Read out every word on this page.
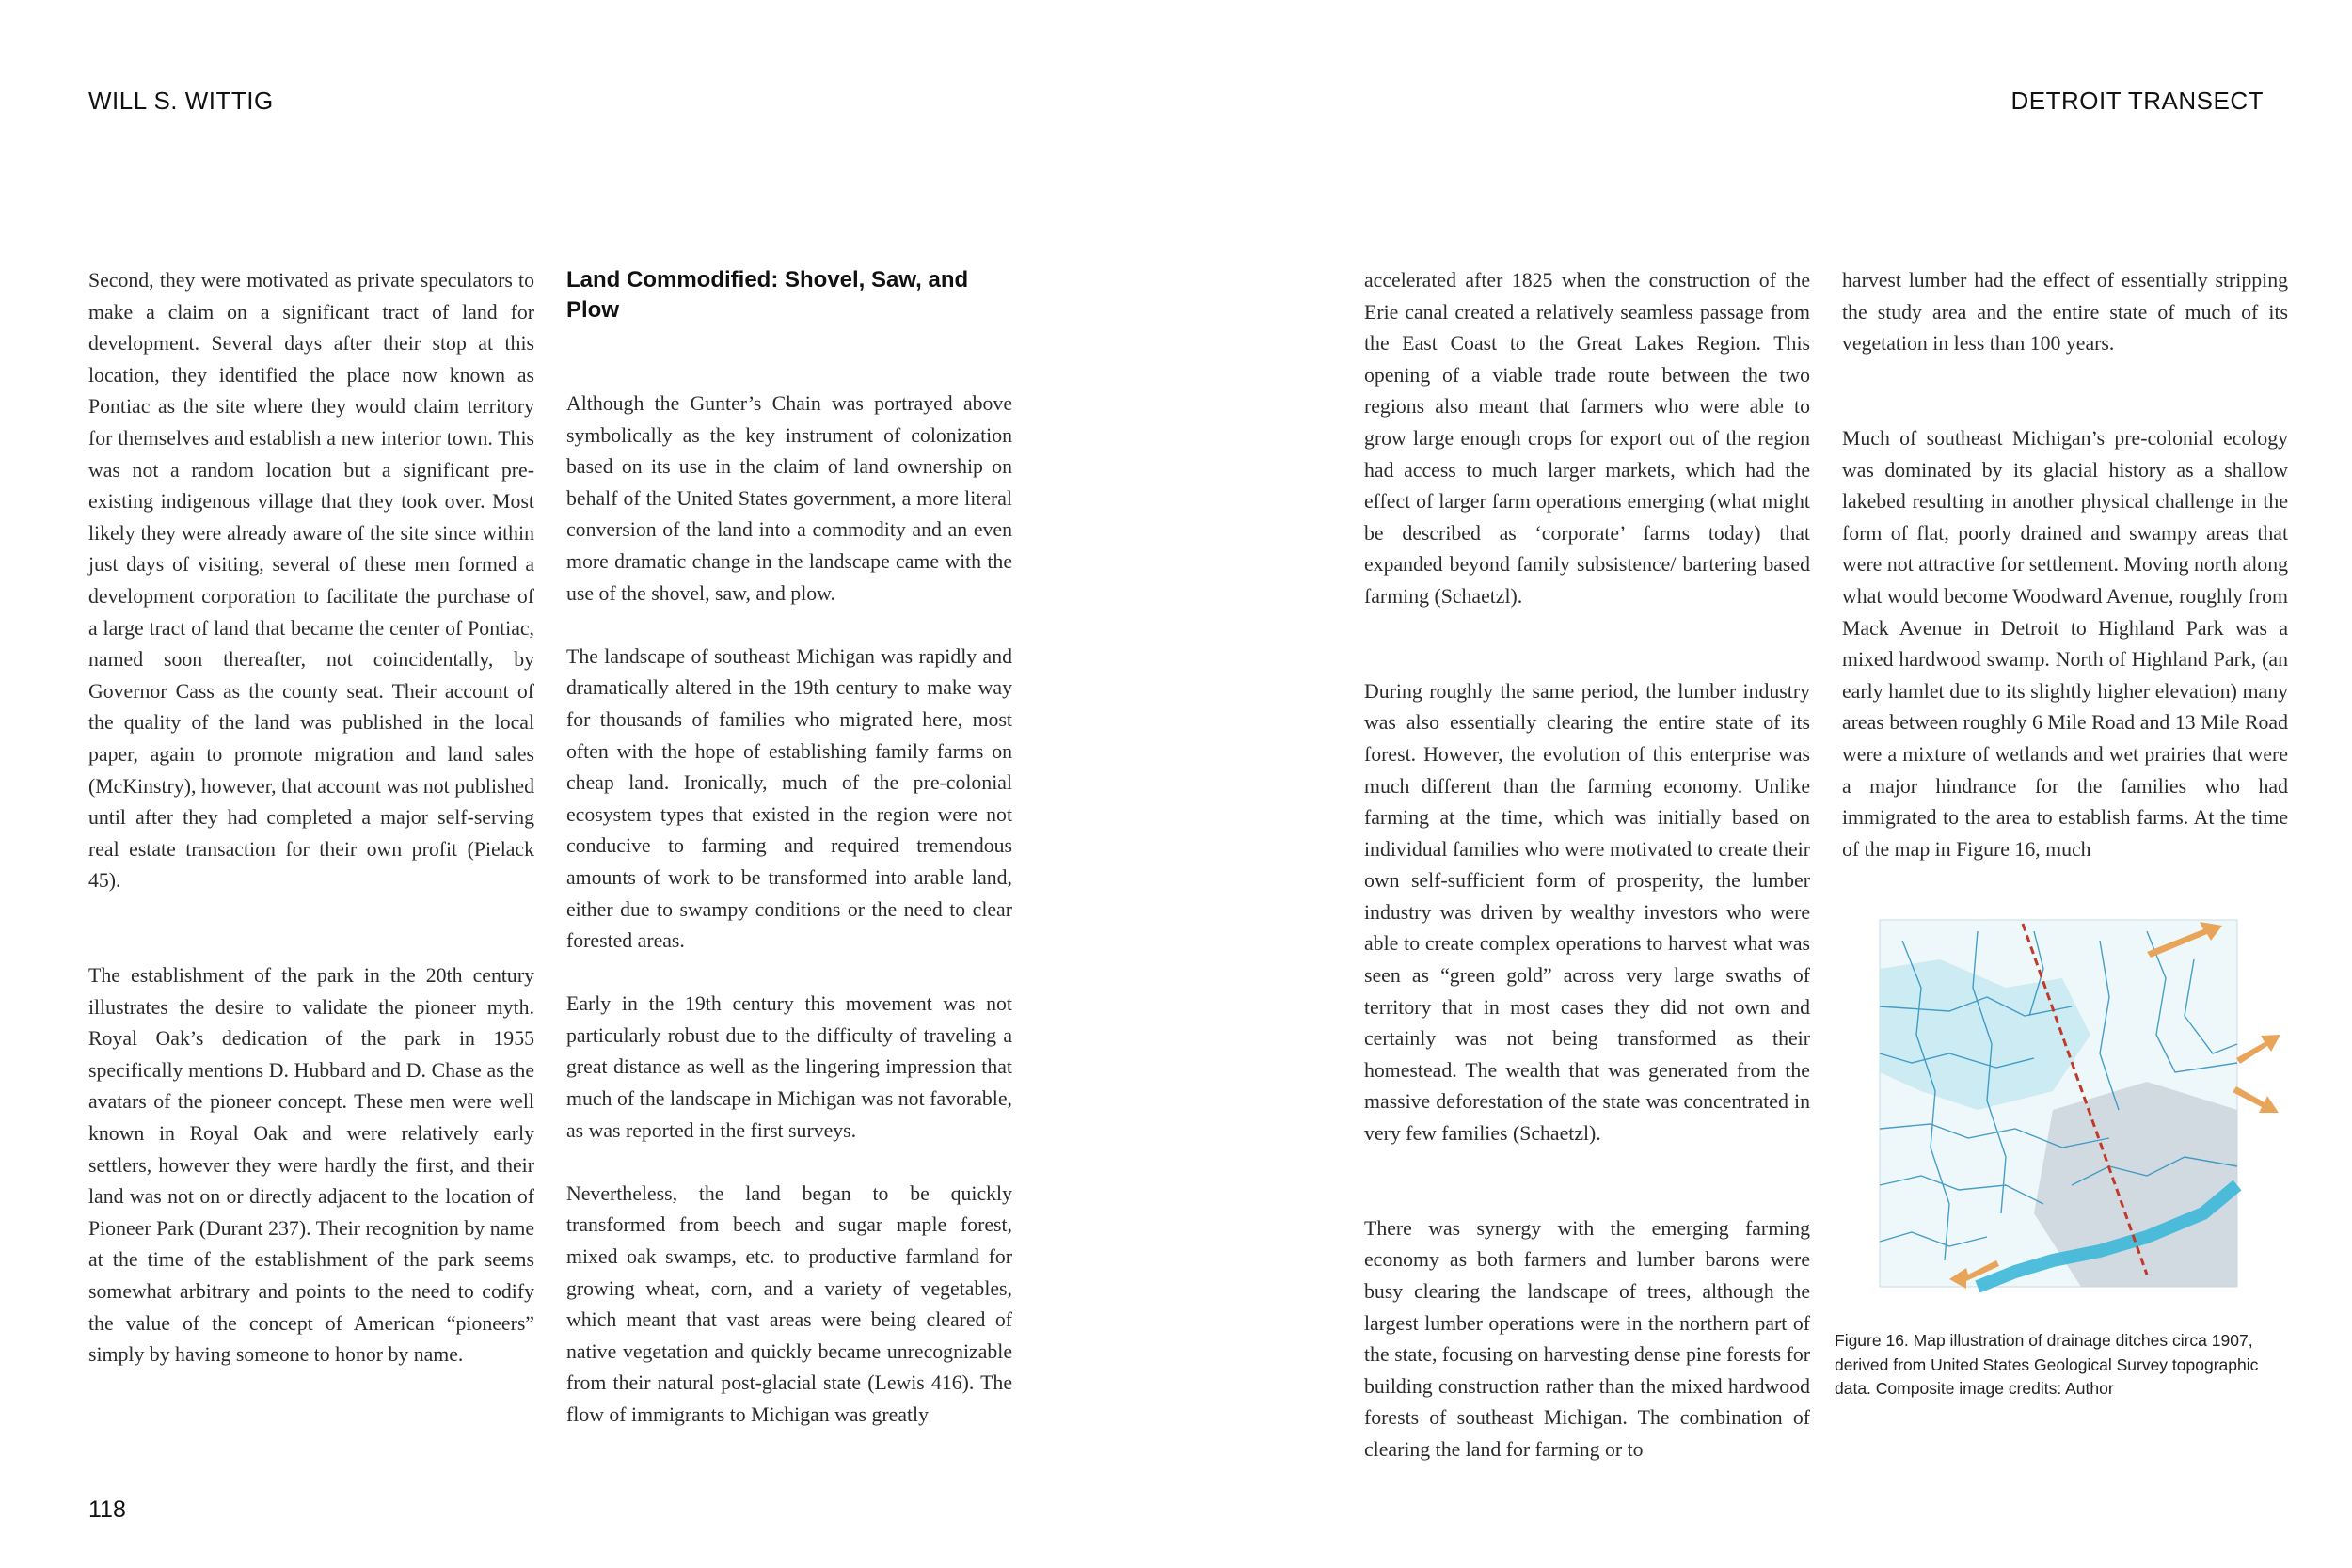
WILL S. WITTIG	DETROIT TRANSECT

Second, they were motivated as private speculators to make a claim on a significant tract of land for development. Several days after their stop at this location, they identified the place now known as Pontiac as the site where they would claim territory for themselves and establish a new interior town. This was not a random location but a significant pre-existing indigenous village that they took over. Most likely they were already aware of the site since within just days of visiting, several of these men formed a development corporation to facilitate the purchase of a large tract of land that became the center of Pontiac, named soon thereafter, not coincidentally, by Governor Cass as the county seat. Their account of the quality of the land was published in the local paper, again to promote migration and land sales (McKinstry), however, that account was not published until after they had completed a major self-serving real estate transaction for their own profit (Pielack 45).

The establishment of the park in the 20th century illustrates the desire to validate the pioneer myth. Royal Oak’s dedication of the park in 1955 specifically mentions D. Hubbard and D. Chase as the avatars of the pioneer concept. These men were well known in Royal Oak and were relatively early settlers, however they were hardly the first, and their land was not on or directly adjacent to the location of Pioneer Park (Durant 237). Their recognition by name at the time of the establishment of the park seems somewhat arbitrary and points to the need to codify the value of the concept of American “pioneers” simply by having someone to honor by name.

Land Commodified: Shovel, Saw, and Plow

Although the Gunter’s Chain was portrayed above symbolically as the key instrument of colonization based on its use in the claim of land ownership on behalf of the United States government, a more literal conversion of the land into a commodity and an even more dramatic change in the landscape came with the use of the shovel, saw, and plow.

The landscape of southeast Michigan was rapidly and dramatically altered in the 19th century to make way for thousands of families who migrated here, most often with the hope of establishing family farms on cheap land. Ironically, much of the pre-colonial ecosystem types that existed in the region were not conducive to farming and required tremendous amounts of work to be transformed into arable land, either due to swampy conditions or the need to clear forested areas.

Early in the 19th century this movement was not particularly robust due to the difficulty of traveling a great distance as well as the lingering impression that much of the landscape in Michigan was not favorable, as was reported in the first surveys.

Nevertheless, the land began to be quickly transformed from beech and sugar maple forest, mixed oak swamps, etc. to productive farmland for growing wheat, corn, and a variety of vegetables, which meant that vast areas were being cleared of native vegetation and quickly became unrecognizable from their natural post-glacial state (Lewis 416). The flow of immigrants to Michigan was greatly

accelerated after 1825 when the construction of the Erie canal created a relatively seamless passage from the East Coast to the Great Lakes Region. This opening of a viable trade route between the two regions also meant that farmers who were able to grow large enough crops for export out of the region had access to much larger markets, which had the effect of larger farm operations emerging (what might be described as ‘corporate’ farms today) that expanded beyond family subsistence/ bartering based farming (Schaetzl).

During roughly the same period, the lumber industry was also essentially clearing the entire state of its forest. However, the evolution of this enterprise was much different than the farming economy. Unlike farming at the time, which was initially based on individual families who were motivated to create their own self-sufficient form of prosperity, the lumber industry was driven by wealthy investors who were able to create complex operations to harvest what was seen as “green gold” across very large swaths of territory that in most cases they did not own and certainly was not being transformed as their homestead. The wealth that was generated from the massive deforestation of the state was concentrated in very few families (Schaetzl).

There was synergy with the emerging farming economy as both farmers and lumber barons were busy clearing the landscape of trees, although the largest lumber operations were in the northern part of the state, focusing on harvesting dense pine forests for building construction rather than the mixed hardwood forests of southeast Michigan. The combination of clearing the land for farming or to

harvest lumber had the effect of essentially stripping the study area and the entire state of much of its vegetation in less than 100 years.

Much of southeast Michigan’s pre-colonial ecology was dominated by its glacial history as a shallow lakebed resulting in another physical challenge in the form of flat, poorly drained and swampy areas that were not attractive for settlement. Moving north along what would become Woodward Avenue, roughly from Mack Avenue in Detroit to Highland Park was a mixed hardwood swamp. North of Highland Park, (an early hamlet due to its slightly higher elevation) many areas between roughly 6 Mile Road and 13 Mile Road were a mixture of wetlands and wet prairies that were a major hindrance for the families who had immigrated to the area to establish farms. At the time of the map in Figure 16, much

Figure 16. Map illustration of drainage ditches circa 1907, derived from United States Geological Survey topographic data. Composite image credits: Author
118
